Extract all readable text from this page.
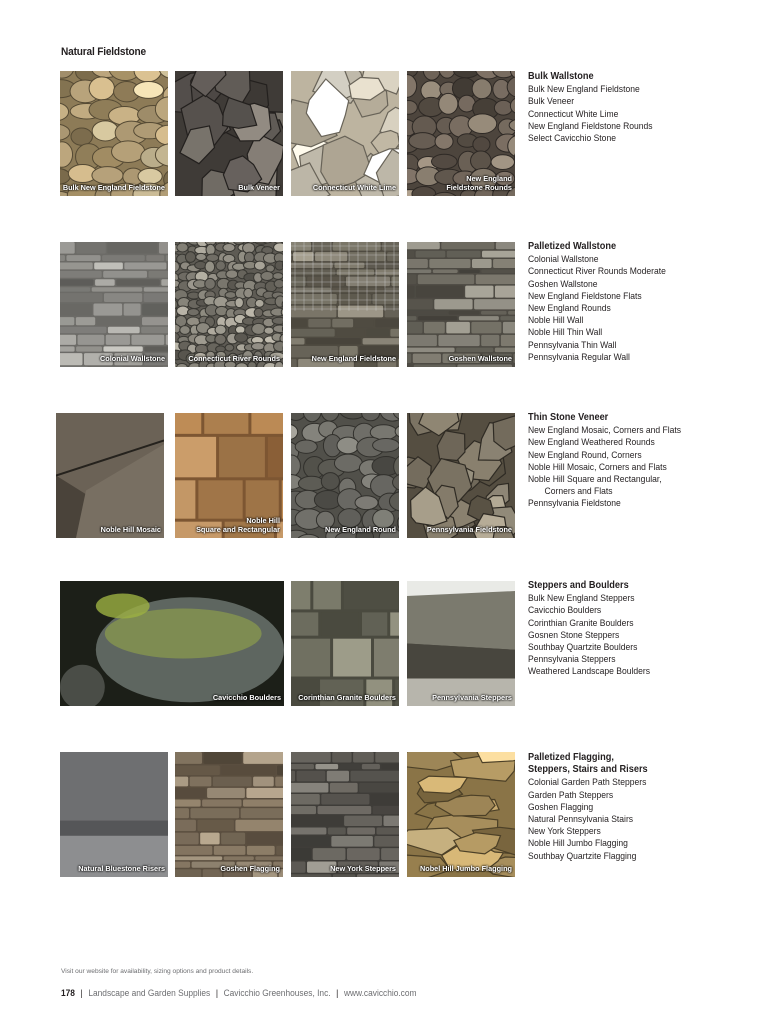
Natural Fieldstone
Bulk New England Fieldstone	Bulk Veneer	Connecticut White Lime
New England
Fieldstone Rounds
Bulk Wallstone
Bulk New England Fieldstone
Bulk Veneer
Connecticut White Lime
New England Fieldstone Rounds
Select Cavicchio Stone
Colonial Wallstone	Connecticut River Rounds	New England Fieldstone	Goshen Wallstone
Palletized Wallstone
Colonial Wallstone
Connecticut River Rounds Moderate
Goshen Wallstone
New England Fieldstone Flats
New England Rounds
Noble Hill Wall
Noble Hill Thin Wall
Pennsylvania Thin Wall
Pennsylvania Regular Wall
Noble Hill Mosaic
Noble Hill
Square and Rectangular	New England Round	Pennsylvania Fieldstone
Thin Stone Veneer
New England Mosaic, Corners and Flats
New England Weathered Rounds
New England Round, Corners
Noble Hill Mosaic, Corners and Flats
Noble Hill Square and Rectangular,
Corners and Flats
Pennsylvania Fieldstone
Cavicchio Boulders	Corinthian Granite Boulders	Pennsylvania Steppers
Steppers and Boulders
Bulk New England Steppers
Cavicchio Boulders
Corinthian Granite Boulders
Gosnen Stone Steppers
Southbay Quartzite Boulders
Pennsylvania Steppers
Weathered Landscape Boulders
Natural Bluestone Risers	Goshen Flagging	New York Steppers	Nobel Hill Jumbo Flagging
Palletized Flagging,
Steppers, Stairs and Risers
Colonial Garden Path Steppers
Garden Path Steppers
Goshen Flagging
Natural Pennsylvania Stairs
New York Steppers
Noble Hill Jumbo Flagging
Southbay Quartzite Flagging
Visit our website for availability, sizing options and product details.
178 | Landscape and Garden Supplies | Cavicchio Greenhouses, Inc. | www.cavicchio.com
